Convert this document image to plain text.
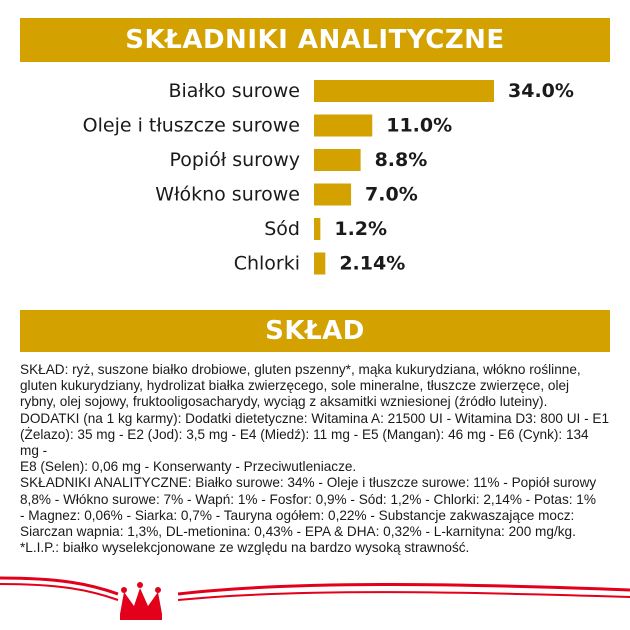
SKŁADNIKI ANALITYCZNE
Białko surowe	34.0%
Oleje i tłuszcze surowe	11.0%
Popiół surowy	8.8%
Włókno surowe	7.0%
Sód 1.2%
Chlorki 2.14%
SKŁAD

SKŁAD: ryż, suszone białko drobiowe, gluten pszenny*, mąka kukurydziana, włókno roślinne,

gluten kukurydziany, hydrolizat białka zwierzęcego, sole mineralne, tłuszcze zwierzęce, olej

rybny, olej sojowy, fruktooligosacharydy, wyciąg z aksamitki wzniesionej (źródło luteiny).

DODATKI (na 1 kg karmy): Dodatki dietetyczne: Witamina A: 21500 UI - Witamina D3: 800 UI - E1

(Żelazo): 35 mg - E2 (Jod): 3,5 mg - E4 (Miedź): 11 mg - E5 (Mangan): 46 mg - E6 (Cynk): 134 mg -

E8 (Selen): 0,06 mg - Konserwanty - Przeciwutleniacze.

SKŁADNIKI ANALITYCZNE: Białko surowe: 34% - Oleje i tłuszcze surowe: 11% - Popiół surowy

8,8% - Włókno surowe: 7% - Wapń: 1% - Fosfor: 0,9% - Sód: 1,2% - Chlorki: 2,14% - Potas: 1%

- Magnez: 0,06% - Siarka: 0,7% - Tauryna ogółem: 0,22% - Substancje zakwaszające mocz:

Siarczan wapnia: 1,3%, DL-metionina: 0,43% - EPA & DHA: 0,32% - L-karnityna: 200 mg/kg.

*L.I.P.: białko wyselekcjonowane ze względu na bardzo wysoką strawność.
